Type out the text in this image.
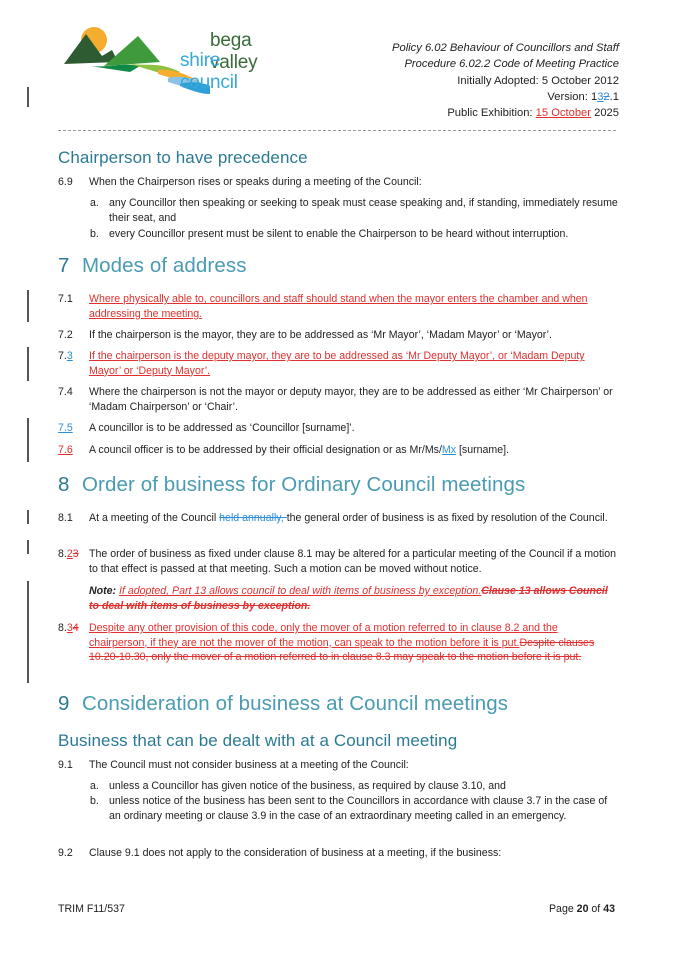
bega valley
shire council
Policy 6.02 Behaviour of Councillors and Staff
Procedure 6.02.2 Code of Meeting Practice
Initially Adopted: 5 October 2012
Version: 132.1
Public Exhibition: 15 October 2025
Chairperson to have precedence
6.9 When the Chairperson rises or speaks during a meeting of the Council:
a. any Councillor then speaking or seeking to speak must cease speaking and, if standing, immediately resume their seat, and
b. every Councillor present must be silent to enable the Chairperson to be heard without interruption.
7 Modes of address
7.1 Where physically able to, councillors and staff should stand when the mayor enters the chamber and when addressing the meeting.
7.2 If the chairperson is the mayor, they are to be addressed as ‘Mr Mayor’, ‘Madam Mayor’ or ‘Mayor’.
7.3 If the chairperson is the deputy mayor, they are to be addressed as ‘Mr Deputy Mayor’, or ‘Madam Deputy Mayor’ or ‘Deputy Mayor’.
7.4 Where the chairperson is not the mayor or deputy mayor, they are to be addressed as either ‘Mr Chairperson’ or ‘Madam Chairperson’ or ‘Chair’.
7.5 A councillor is to be addressed as ‘Councillor [surname]’.
7.6	A council officer is to be addressed by their official designation or as Mr/Ms/Mx [surname].
8 Order of business for Ordinary Council meetings
8.1 At a meeting of the Council held annually, the general order of business is as fixed by resolution of the Council.
8.23 The order of business as fixed under clause 8.1 may be altered for a particular meeting of the Council if a motion to that effect is passed at that meeting. Such a motion can be moved without notice.
Note: If adopted, Part 13 allows council to deal with items of business by exception.Clause 13 allows Council to deal with items of business by exception.
8.34 Despite any other provision of this code, only the mover of a motion referred to in clause 8.2 and the chairperson, if they are not the mover of the motion, can speak to the motion before it is put.Despite clauses 10.20-10.30, only the mover of a motion referred to in clause 8.3 may speak to the motion before it is put.
9 Consideration of business at Council meetings
Business that can be dealt with at a Council meeting
9.1 The Council must not consider business at a meeting of the Council:
a. unless a Councillor has given notice of the business, as required by clause 3.10, and
b. unless notice of the business has been sent to the Councillors in accordance with clause 3.7 in the case of an ordinary meeting or clause 3.9 in the case of an extraordinary meeting called in an emergency.
9.2 Clause 9.1 does not apply to the consideration of business at a meeting, if the business:
TRIM F11/537	Page 20 of 43
